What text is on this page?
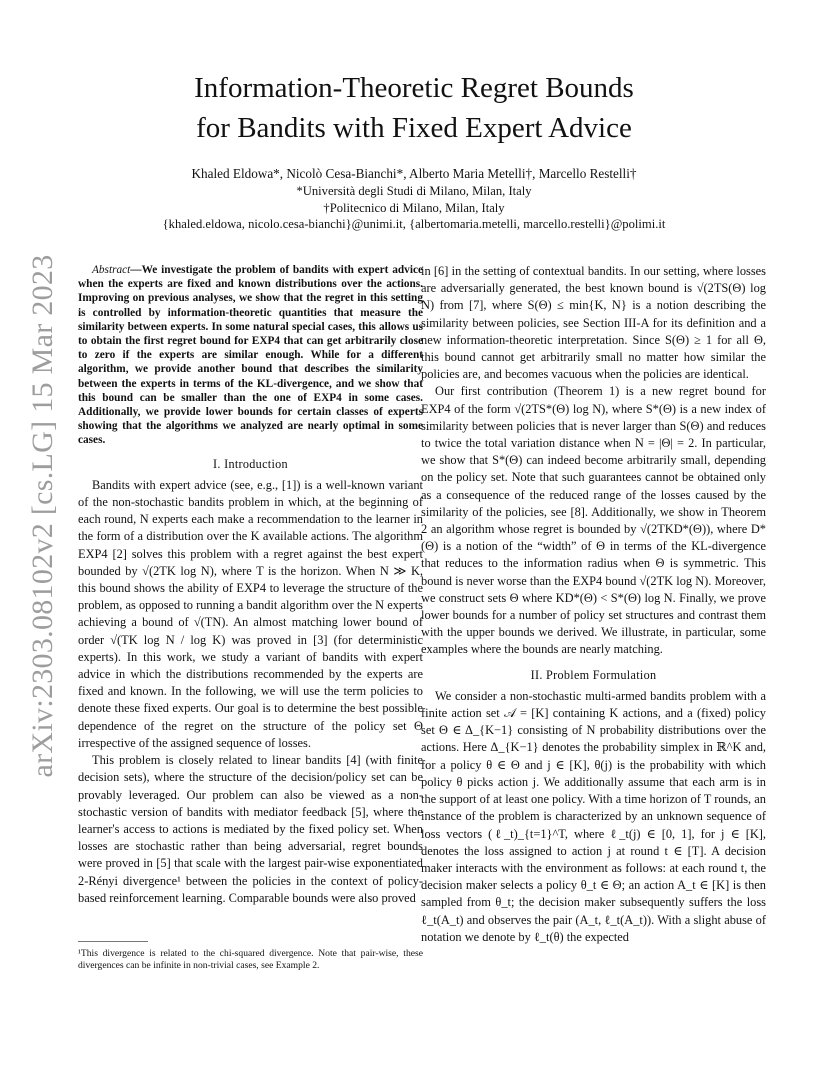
Information-Theoretic Regret Bounds
for Bandits with Fixed Expert Advice
Khaled Eldowa*, Nicolò Cesa-Bianchi*, Alberto Maria Metelli†, Marcello Restelli†
*Università degli Studi di Milano, Milan, Italy
†Politecnico di Milano, Milan, Italy
{khaled.eldowa, nicolo.cesa-bianchi}@unimi.it, {albertomaria.metelli, marcello.restelli}@polimi.it
arXiv:2303.08102v2 [cs.LG] 15 Mar 2023	Abstract—We investigate the problem of bandits with expert advice when the experts are fixed and known distributions over the actions. Improving on previous analyses, we show that the regret in this setting is controlled by information-theoretic quantities that measure the similarity between experts. In some natural special cases, this allows us to obtain the first regret bound for EXP4 that can get arbitrarily close to zero if the experts are similar enough. While for a different algorithm, we provide another bound that describes the similarity between the experts in terms of the KL-divergence, and we show that this bound can be smaller than the one of EXP4 in some cases. Additionally, we provide lower bounds for certain classes of experts showing that the algorithms we analyzed are nearly optimal in some cases.

I. Introduction

Bandits with expert advice (see, e.g., [1]) is a well-known variant of the non-stochastic bandits problem in which, at the beginning of each round, N experts each make a recommendation to the learner in the form of a distribution over the K available actions. The algorithm EXP4 [2] solves this problem with a regret against the best expert bounded by √(2TK log N), where T is the horizon. When N ≫ K, this bound shows the ability of EXP4 to leverage the structure of the problem, as opposed to running a bandit algorithm over the N experts achieving a bound of √(TN). An almost matching lower bound of order √(TK log N / log K) was proved in [3] (for deterministic experts). In this work, we study a variant of bandits with expert advice in which the distributions recommended by the experts are fixed and known. In the following, we will use the term policies to denote these fixed experts. Our goal is to determine the best possible dependence of the regret on the structure of the policy set Θ irrespective of the assigned sequence of losses.

This problem is closely related to linear bandits [4] (with finite decision sets), where the structure of the decision/policy set can be provably leveraged. Our problem can also be viewed as a non-stochastic version of bandits with mediator feedback [5], where the learner's access to actions is mediated by the fixed policy set. When losses are stochastic rather than being adversarial, regret bounds were proved in [5] that scale with the largest pair-wise exponentiated 2-Rényi divergence¹ between the policies in the context of policy-based reinforcement learning. Comparable bounds were also proved

in [6] in the setting of contextual bandits. In our setting, where losses are adversarially generated, the best known bound is √(2TS(Θ) log N) from [7], where S(Θ) ≤ min{K, N} is a notion describing the similarity between policies, see Section III-A for its definition and a new information-theoretic interpretation. Since S(Θ) ≥ 1 for all Θ, this bound cannot get arbitrarily small no matter how similar the policies are, and becomes vacuous when the policies are identical.

Our first contribution (Theorem 1) is a new regret bound for EXP4 of the form √(2TS*(Θ) log N), where S*(Θ) is a new index of similarity between policies that is never larger than S(Θ) and reduces to twice the total variation distance when N = |Θ| = 2. In particular, we show that S*(Θ) can indeed become arbitrarily small, depending on the policy set. Note that such guarantees cannot be obtained only as a consequence of the reduced range of the losses caused by the similarity of the policies, see [8]. Additionally, we show in Theorem 2 an algorithm whose regret is bounded by √(2TKD*(Θ)), where D*(Θ) is a notion of the “width” of Θ in terms of the KL-divergence that reduces to the information radius when Θ is symmetric. This bound is never worse than the EXP4 bound √(2TK log N). Moreover, we construct sets Θ where KD*(Θ) < S*(Θ) log N. Finally, we prove lower bounds for a number of policy set structures and contrast them with the upper bounds we derived. We illustrate, in particular, some examples where the bounds are nearly matching.

II. Problem Formulation

We consider a non-stochastic multi-armed bandits problem with a finite action set 𝒜 = [K] containing K actions, and a (fixed) policy set Θ ∈ Δ_{K−1} consisting of N probability distributions over the actions. Here Δ_{K−1} denotes the probability simplex in ℝ^K and, for a policy θ ∈ Θ and j ∈ [K], θ(j) is the probability with which policy θ picks action j. We additionally assume that each arm is in the support of at least one policy. With a time horizon of T rounds, an instance of the problem is characterized by an unknown sequence of loss vectors (ℓ_t)_{t=1}^T, where ℓ_t(j) ∈ [0, 1], for j ∈ [K], denotes the loss assigned to action j at round t ∈ [T]. A decision maker interacts with the environment as follows: at each round t, the decision maker selects a policy θ_t ∈ Θ; an action A_t ∈ [K] is then sampled from θ_t; the decision maker subsequently suffers the loss ℓ_t(A_t) and observes the pair (A_t, ℓ_t(A_t)). With a slight abuse of notation we denote by ℓ_t(θ) the expected

¹This divergence is related to the chi-squared divergence. Note that pair-wise, these divergences can be infinite in non-trivial cases, see Example 2.
